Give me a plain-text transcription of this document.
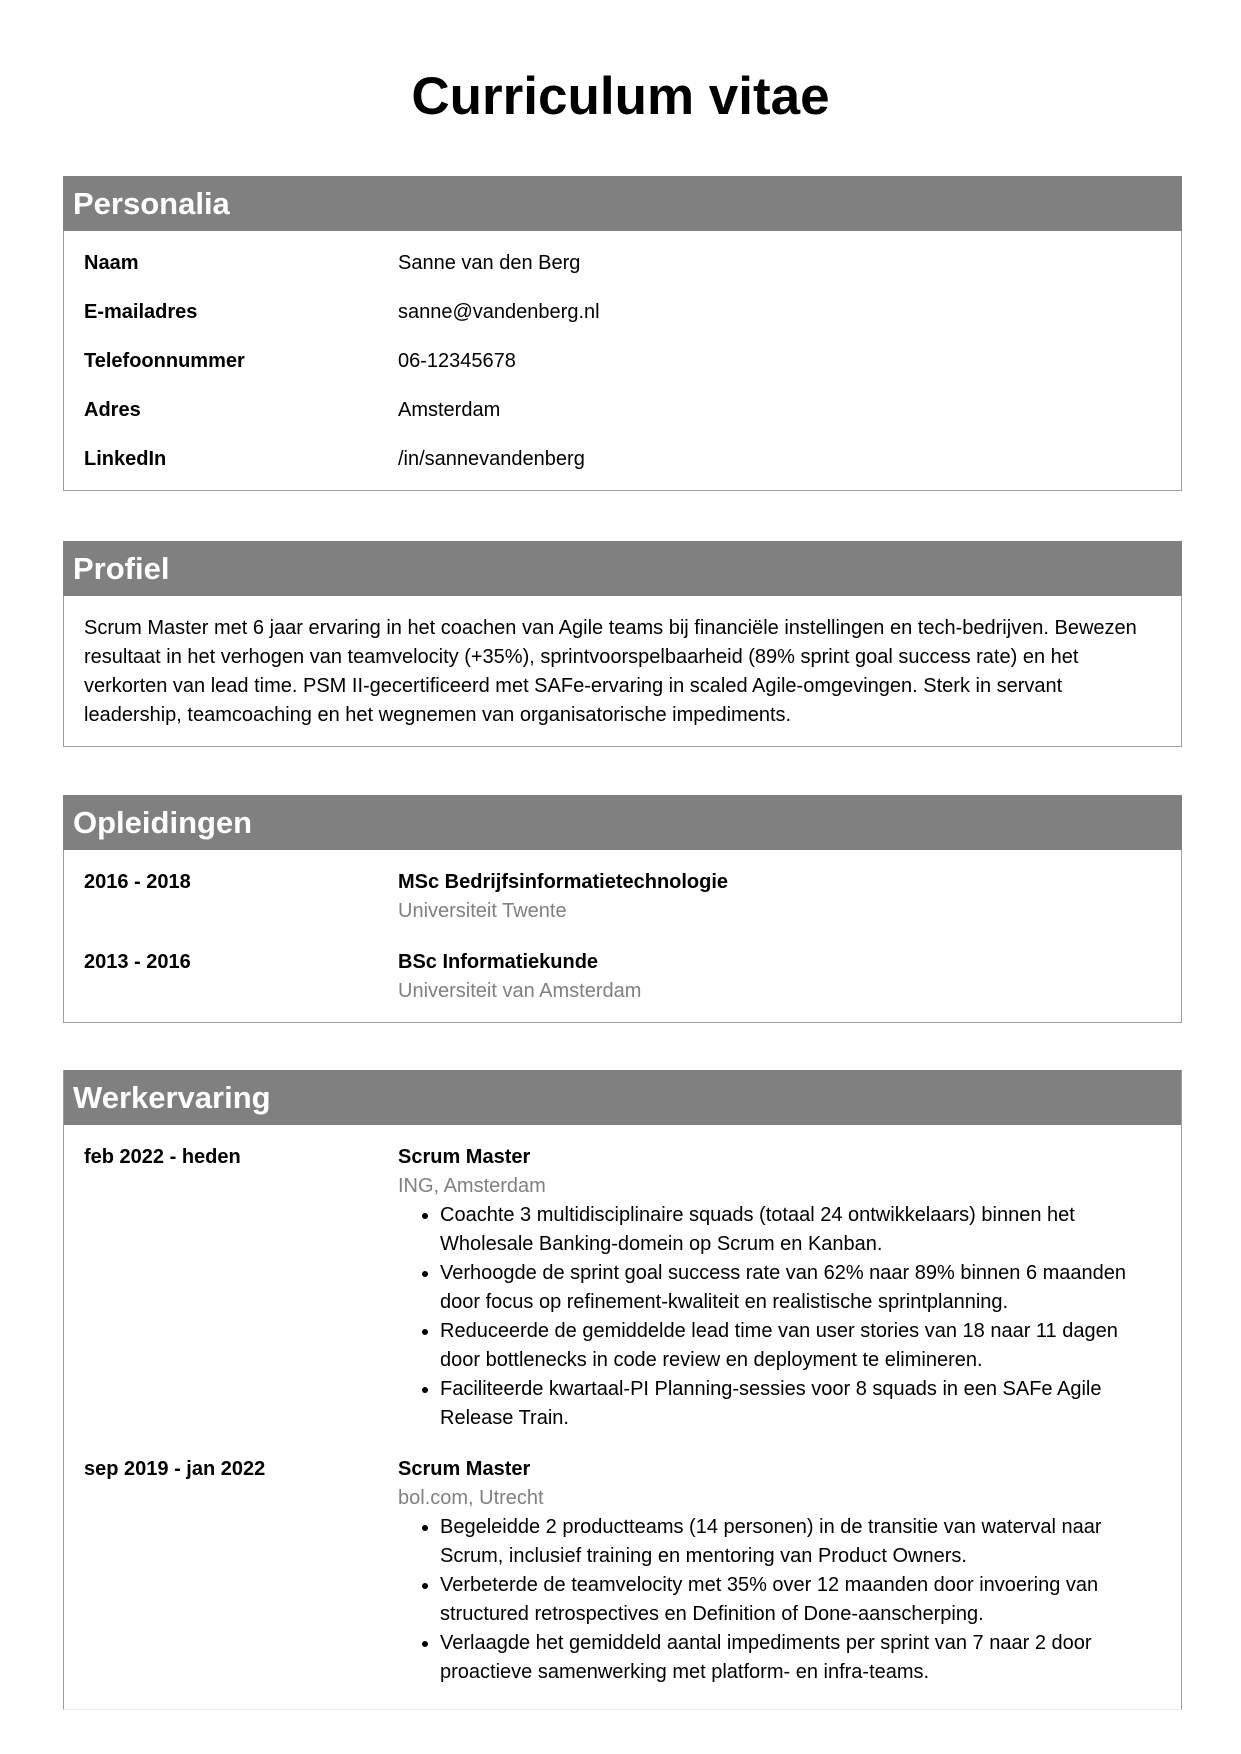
Curriculum vitae
Personalia
Naam	Sanne van den Berg
E-mailadres	sanne@vandenberg.nl
Telefoonnummer	06-12345678
Adres	Amsterdam
LinkedIn	/in/sannevandenberg
Profiel

Scrum Master met 6 jaar ervaring in het coachen van Agile teams bij financiële instellingen en tech-bedrijven. Bewezen resultaat in het verhogen van teamvelocity (+35%), sprintvoorspelbaarheid (89% sprint goal success rate) en het verkorten van lead time. PSM II-gecertificeerd met SAFe-ervaring in scaled Agile-omgevingen. Sterk in servant leadership, teamcoaching en het wegnemen van organisatorische impediments.

Opleidingen
2016 - 2018	MSc Bedrijfsinformatietechnologie
Universiteit Twente
2013 - 2016	BSc Informatiekunde
Universiteit van Amsterdam
Werkervaring
feb 2022 - heden	Scrum Master
ING, Amsterdam
• Coachte 3 multidisciplinaire squads (totaal 24 ontwikkelaars) binnen het Wholesale Banking-domein op Scrum en Kanban.
• Verhoogde de sprint goal success rate van 62% naar 89% binnen 6 maanden door focus op refinement-kwaliteit en realistische sprintplanning.
• Reduceerde de gemiddelde lead time van user stories van 18 naar 11 dagen door bottlenecks in code review en deployment te elimineren.
• Faciliteerde kwartaal-PI Planning-sessies voor 8 squads in een SAFe Agile Release Train.
sep 2019 - jan 2022	Scrum Master
bol.com, Utrecht
• Begeleidde 2 productteams (14 personen) in de transitie van waterval naar Scrum, inclusief training en mentoring van Product Owners.
• Verbeterde de teamvelocity met 35% over 12 maanden door invoering van structured retrospectives en Definition of Done-aanscherping.
• Verlaagde het gemiddeld aantal impediments per sprint van 7 naar 2 door proactieve samenwerking met platform- en infra-teams.
